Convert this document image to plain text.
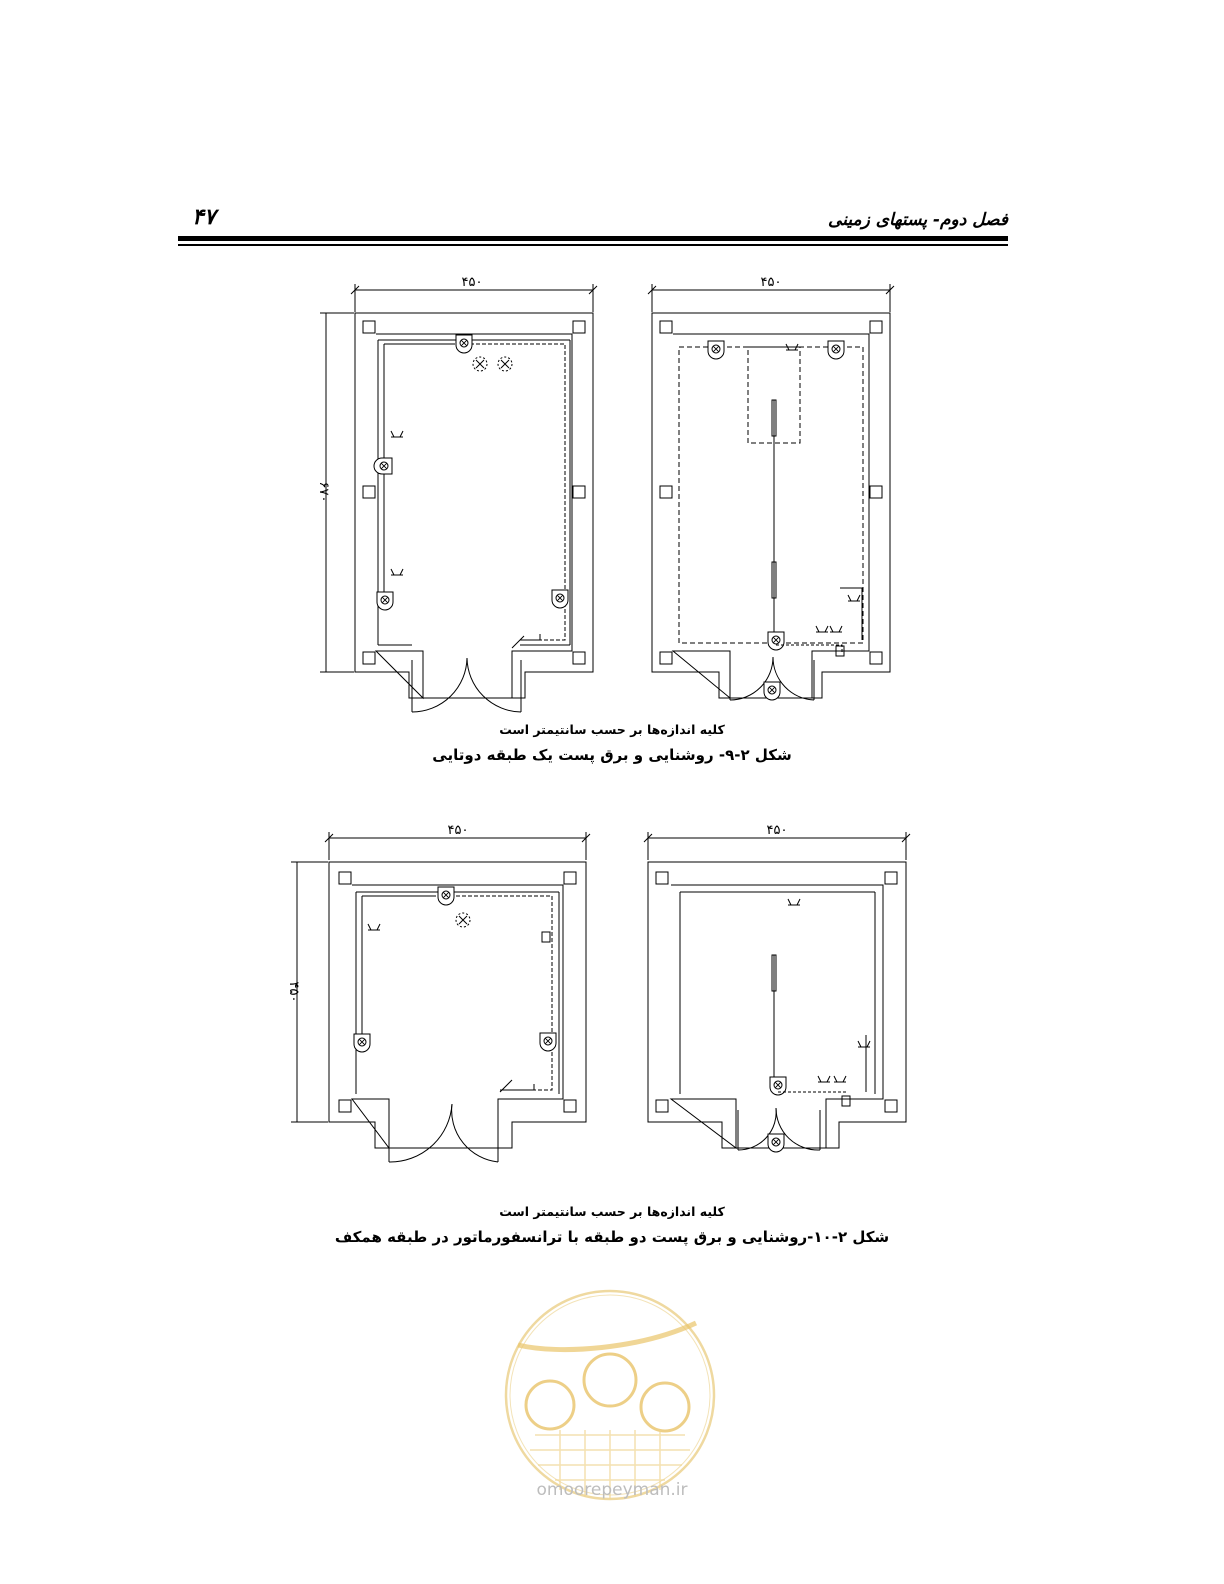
۴۷	فصل دوم- پستهای زمینی
۴۵۰
۶۷۰
۴۵۰
۴۵۰
۴۵۰
۴۵۰
کلیه اندازه‌ها بر حسب سانتیمتر است
شکل ۲-۹- روشنایی و برق پست یک طبقه دوتایی
کلیه اندازه‌ها بر حسب سانتیمتر است
شکل ۲-۱۰-روشنایی و برق پست دو طبقه با ترانسفورماتور در طبقه همکف
omoorepeyman.ir
